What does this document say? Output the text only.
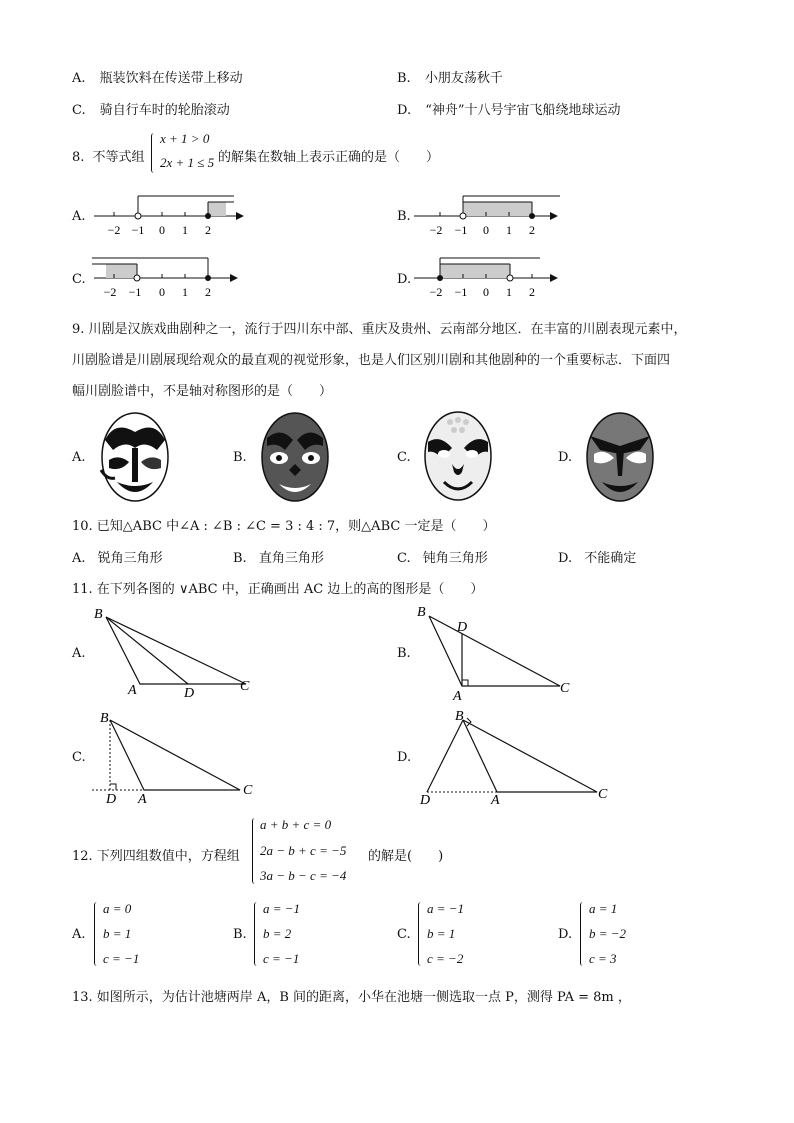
A. 瓶装饮料在传送带上移动	B. 小朋友荡秋千
C. 骑自行车时的轮胎滚动	D. “神舟”十八号宇宙飞船绕地球运动
8. 不等式组
x + 1 > 0
2x + 1 ≤ 5 的解集在数轴上表示正确的是（　　）
A.
−2 −1 0 1 2
B.
−2 −1 0 1 2
C.
−2 −1 0 1 2
D.
−2 −1 0 1 2
9. 川剧是汉族戏曲剧种之一，流行于四川东中部、重庆及贵州、云南部分地区．在丰富的川剧表现元素中，
川剧脸谱是川剧展现给观众的最直观的视觉形象，也是人们区别川剧和其他剧种的一个重要标志．下面四
幅川剧脸谱中，不是轴对称图形的是（　　）
A.	B.	C.	D.
10. 已知△ABC 中∠A : ∠B : ∠C = 3 : 4 : 7，则△ABC 一定是（　　）
A. 锐角三角形	B. 直角三角形	C. 钝角三角形	D. 不能确定
11. 在下列各图的 ∨ABC 中，正确画出 AC 边上的高的图形是（　　）
A.
B
A	D	C
B.
B
D
A
C
C.
B
D A
C
D.
B
D	A	C
12. 下列四组数值中，方程组
a + b + c = 0
2a − b + c = −5
3a − b − c = −4
的解是(　　)
A.
a = 0
b = 1
c = −1
B.
a = −1
b = 2
c = −1
C.
a = −1
b = 1
c = −2
D.
a = 1
b = −2
c = 3
13. 如图所示，为估计池塘两岸 A，B 间的距离，小华在池塘一侧选取一点 P，测得 PA = 8m ，
